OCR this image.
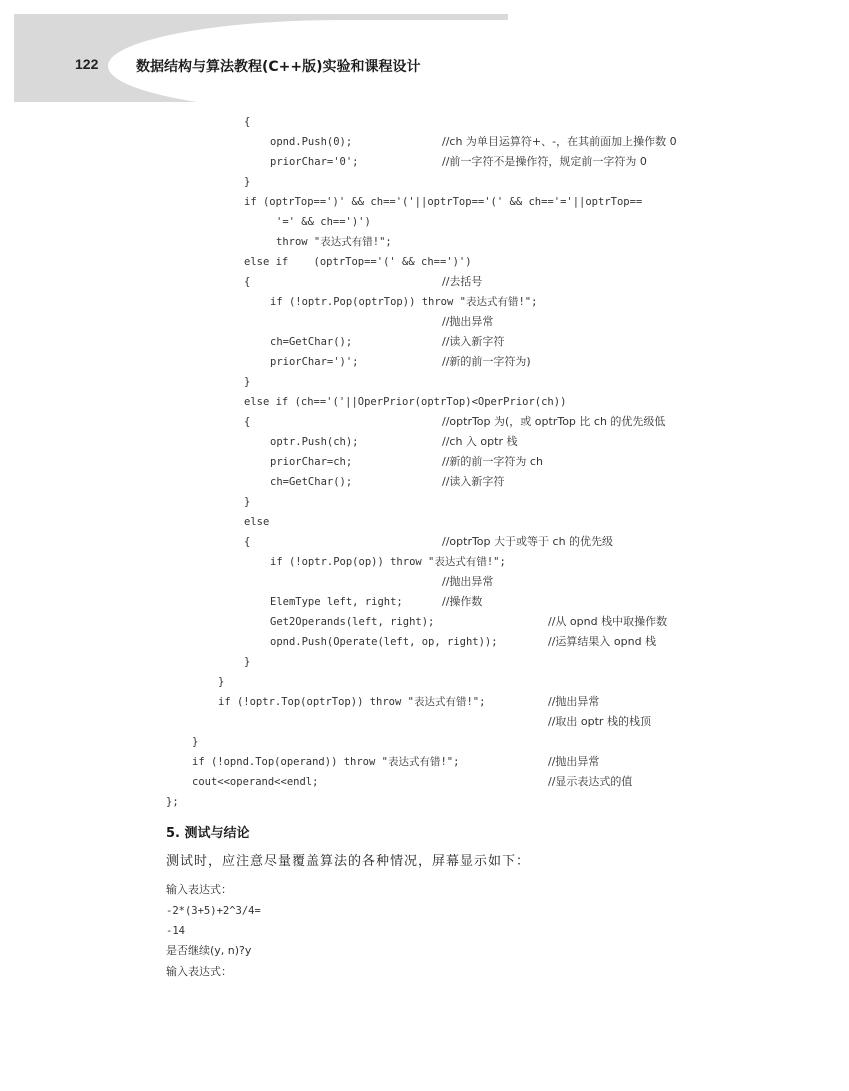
122	数据结构与算法教程(C++版)实验和课程设计
{
opnd.Push(0);	//ch 为单目运算符+、-，在其前面加上操作数 0
priorChar='0';	//前一字符不是操作符，规定前一字符为 0
}
if (optrTop==')' && ch=='('||optrTop=='(' && ch=='='||optrTop==
'=' && ch==')')
throw "表达式有错!";
else if    (optrTop=='(' && ch==')')
{	//去括号
if (!optr.Pop(optrTop)) throw "表达式有错!";
//抛出异常
ch=GetChar();	//读入新字符
priorChar=')';	//新的前一字符为)
}
else if (ch=='('||OperPrior(optrTop)<OperPrior(ch))
{	//optrTop 为(，或 optrTop 比 ch 的优先级低
optr.Push(ch);	//ch 入 optr 栈
priorChar=ch;	//新的前一字符为 ch
ch=GetChar();	//读入新字符
}
else
{	//optrTop 大于或等于 ch 的优先级
if (!optr.Pop(op)) throw "表达式有错!";
//抛出异常
ElemType left, right;	//操作数
Get2Operands(left, right);	//从 opnd 栈中取操作数
opnd.Push(Operate(left, op, right));	//运算结果入 opnd 栈
}
}
if (!optr.Top(optrTop)) throw "表达式有错!";	//抛出异常
//取出 optr 栈的栈顶
}
if (!opnd.Top(operand)) throw "表达式有错!";	//抛出异常
cout<<operand<<endl;	//显示表达式的值
};
5. 测试与结论
测试时，应注意尽量覆盖算法的各种情况，屏幕显示如下：
输入表达式：
-2*(3+5)+2^3/4=
-14
是否继续(y, n)?y
输入表达式：
